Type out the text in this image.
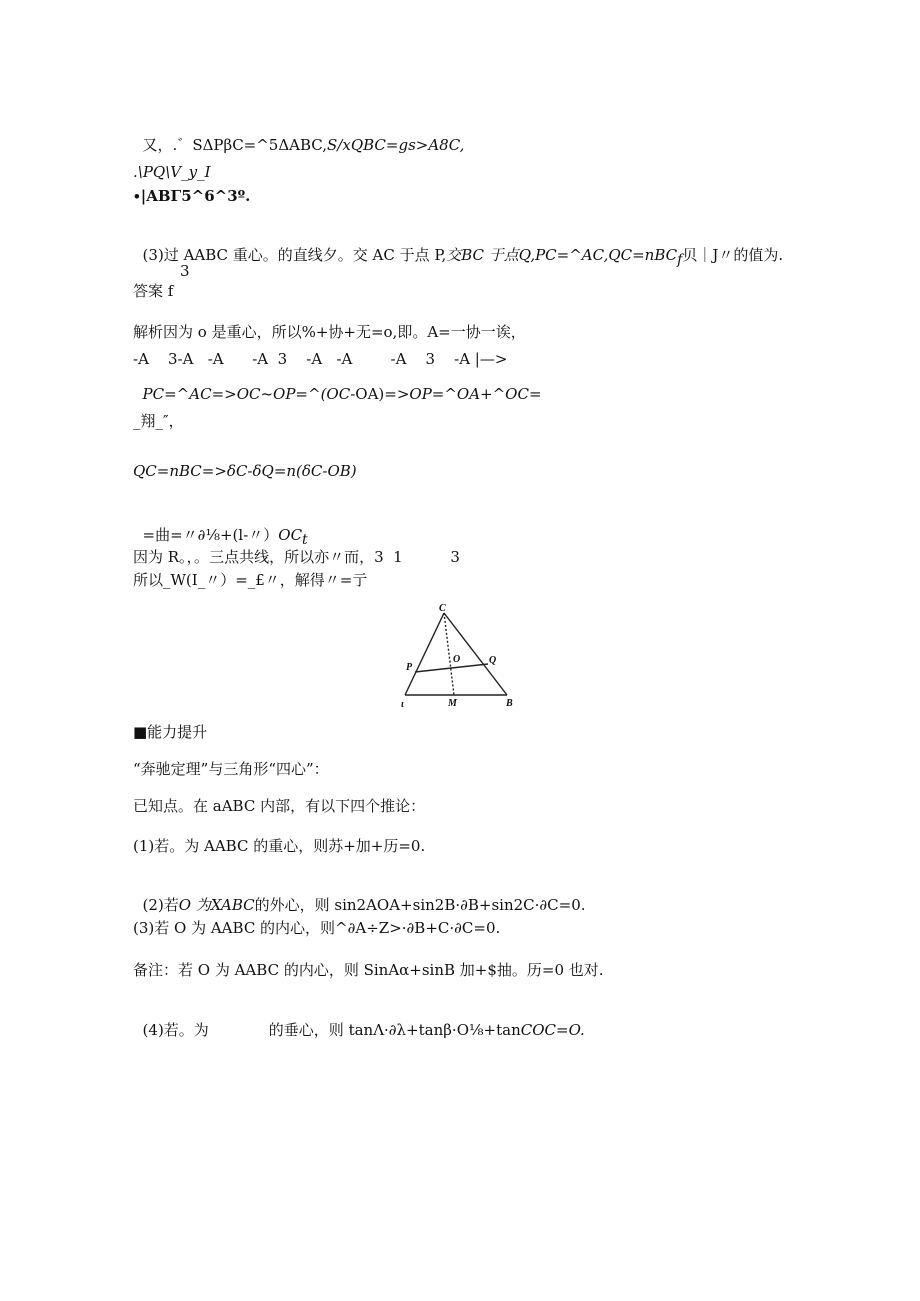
又，.゛SΔPβC=^5ΔABC,S∕xQBC=gs>A8C,

.\PQ\V_y_I
∙|ABΓ5^6^3º.

(3)过 AABC 重心。的直线夕。交 AC 于点 P,交BC 于点Q,PC=^AC,QC=nBC$_f$贝｜J〃的值为.

3
答案 f
解析因为 o 是重心，所以%+协+无=o,即。A=一协一诶，
-A    3-A   -A      -A  3    -A   -A        -A    3    -A |—>

PC=^AC=>OC~OP=^(OC-OA)=>OP=^OA+^OC=

_翔_″，
QC=nBC=>δC-δQ=n(δC-OB)

=曲=〃∂⅛+(l-〃）$OC_t$

因为 R。，。三点共线，所以亦〃而，3  1          3
所以_W(I_〃）=_£〃，解得〃=亍
C
P
O	Q
ι	M	B
■能力提升
“奔驰定理”与三角形“四心”：
已知点。在 aABC 内部，有以下四个推论：
(1)若。为 AABC 的重心，则苏+加+历=0.

(2)若O 为XABC的外心，则 sin2AOA+sin2B·∂B+sin2C·∂C=0.

(3)若 O 为 AABC 的内心，则^∂A÷Z>·∂B+C·∂C=0.
备注：若 O 为 AABC 的内心，则 SinAα+sinB 加+$抽。历=0 也对.

(4)若。为	的垂心，则 tanΛ·∂λ+tanβ·O⅛+tanCOC=O.
